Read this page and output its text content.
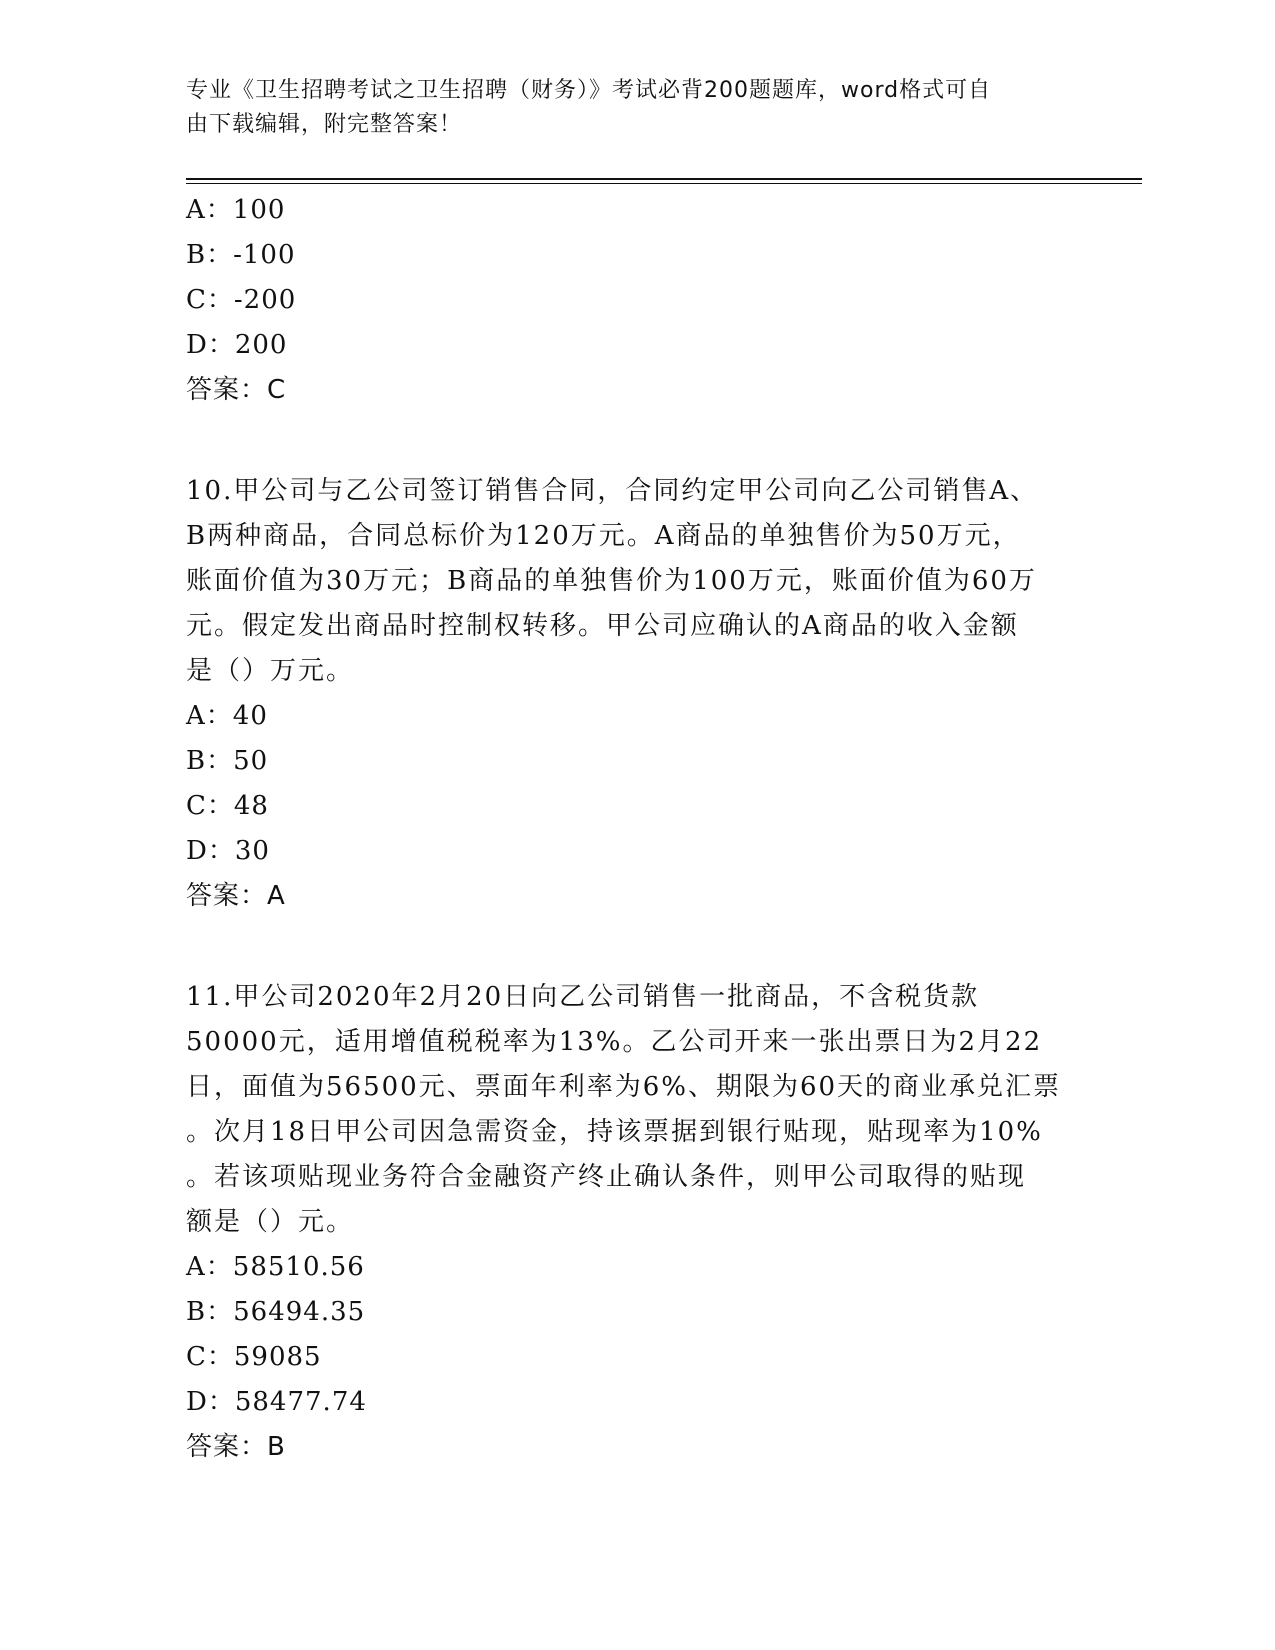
专业《卫生招聘考试之卫生招聘（财务）》考试必背200题题库，word格式可自
由下载编辑，附完整答案！
A：100
B：-100
C：-200
D：200
答案：C
10.甲公司与乙公司签订销售合同，合同约定甲公司向乙公司销售A、
B两种商品，合同总标价为120万元。A商品的单独售价为50万元，
账面价值为30万元；B商品的单独售价为100万元，账面价值为60万
元。假定发出商品时控制权转移。甲公司应确认的A商品的收入金额
是（）万元。
A：40
B：50
C：48
D：30
答案：A
11.甲公司2020年2月20日向乙公司销售一批商品，不含税货款
50000元，适用增值税税率为13%。乙公司开来一张出票日为2月22
日，面值为56500元、票面年利率为6%、期限为60天的商业承兑汇票
。次月18日甲公司因急需资金，持该票据到银行贴现，贴现率为10%
。若该项贴现业务符合金融资产终止确认条件，则甲公司取得的贴现
额是（）元。
A：58510.56
B：56494.35
C：59085
D：58477.74
答案：B
